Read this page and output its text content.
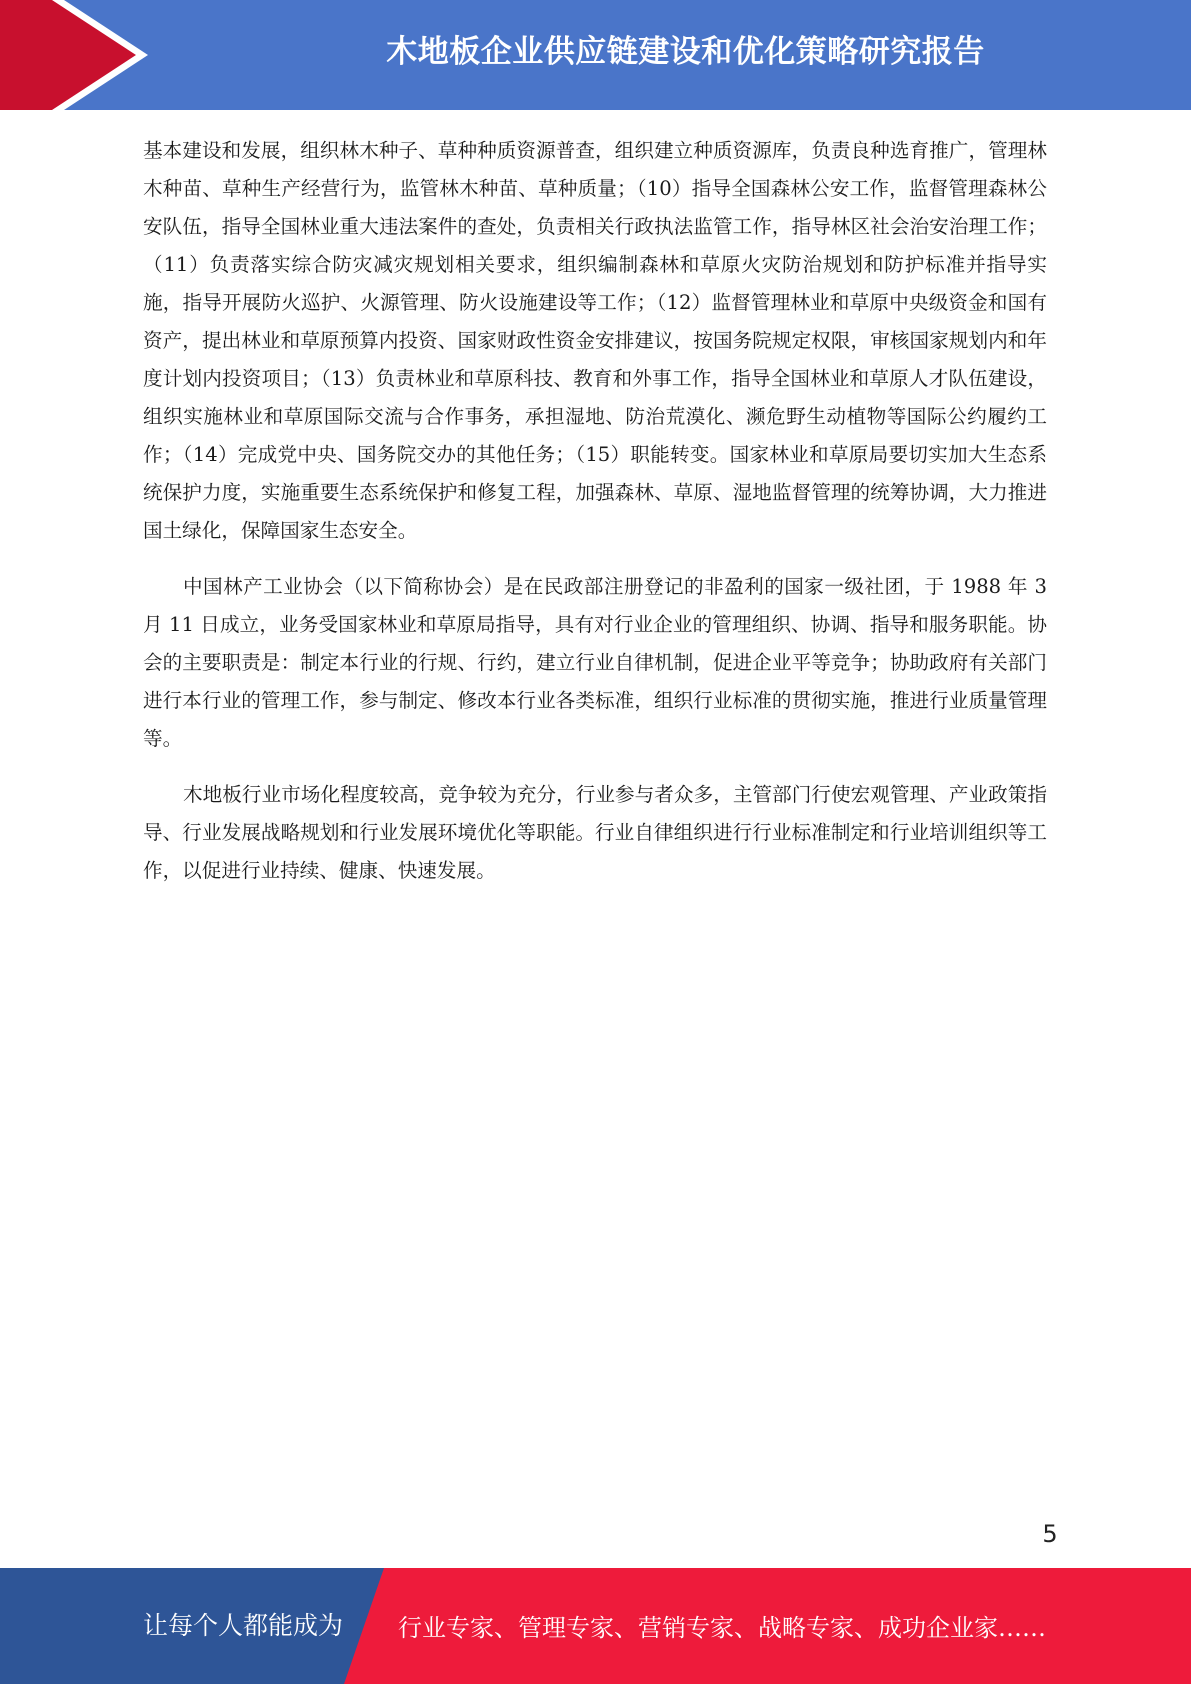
木地板企业供应链建设和优化策略研究报告

基本建设和发展，组织林木种子、草种种质资源普查，组织建立种质资源库，负责良种选育推广，管理林木种苗、草种生产经营行为，监管林木种苗、草种质量；（10）指导全国森林公安工作，监督管理森林公安队伍，指导全国林业重大违法案件的查处，负责相关行政执法监管工作，指导林区社会治安治理工作；（11）负责落实综合防灾减灾规划相关要求，组织编制森林和草原火灾防治规划和防护标准并指导实施，指导开展防火巡护、火源管理、防火设施建设等工作；（12）监督管理林业和草原中央级资金和国有资产，提出林业和草原预算内投资、国家财政性资金安排建议，按国务院规定权限，审核国家规划内和年度计划内投资项目；（13）负责林业和草原科技、教育和外事工作，指导全国林业和草原人才队伍建设，组织实施林业和草原国际交流与合作事务，承担湿地、防治荒漠化、濒危野生动植物等国际公约履约工作；（14）完成党中央、国务院交办的其他任务；（15）职能转变。国家林业和草原局要切实加大生态系统保护力度，实施重要生态系统保护和修复工程，加强森林、草原、湿地监督管理的统筹协调，大力推进国土绿化，保障国家生态安全。

中国林产工业协会（以下简称协会）是在民政部注册登记的非盈利的国家一级社团，于 1988 年 3 月 11 日成立，业务受国家林业和草原局指导，具有对行业企业的管理组织、协调、指导和服务职能。协会的主要职责是：制定本行业的行规、行约，建立行业自律机制，促进企业平等竞争；协助政府有关部门进行本行业的管理工作，参与制定、修改本行业各类标准，组织行业标准的贯彻实施，推进行业质量管理等。

木地板行业市场化程度较高，竞争较为充分，行业参与者众多，主管部门行使宏观管理、产业政策指导、行业发展战略规划和行业发展环境优化等职能。行业自律组织进行行业标准制定和行业培训组织等工作，以促进行业持续、健康、快速发展。

5
让每个人都能成为 行业专家、管理专家、营销专家、战略专家、成功企业家……
